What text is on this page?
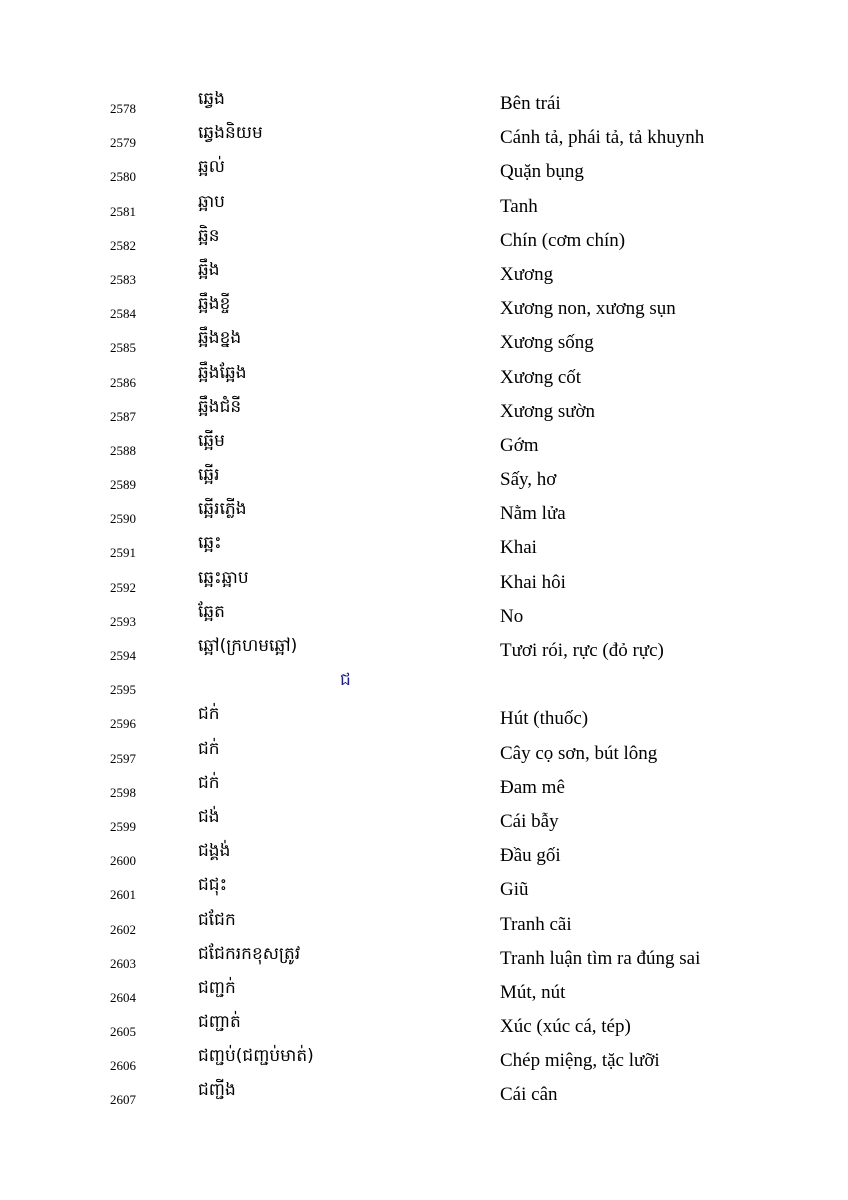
2578	ឆ្វេង	Bên trái
2579	ឆ្វេងនិយម	Cánh tả, phái tả, tả khuynh
2580	ឆ្អល់	Quặn bụng
2581	ឆ្អាប	Tanh
2582	ឆ្អិន	Chín (cơm chín)
2583	ឆ្អឹង	Xương
2584	ឆ្អឹងខ្ចី	Xương non, xương sụn
2585	ឆ្អឹងខ្នង	Xương sống
2586	ឆ្អឹងឆ្អែង	Xương cốt
2587	ឆ្អឹងជំនី	Xương sườn
2588	ឆ្អើម	Gớm
2589	ឆ្អើរ	Sấy, hơ
2590	ឆ្អើរភ្លើង	Nằm lửa
2591	ឆ្អេះ	Khai
2592	ឆ្អេះឆ្អាប	Khai hôi
2593	ឆ្អែត	No
2594	ឆ្អៅ(ក្រហមឆ្អៅ)	Tươi rói, rực (đỏ rực)
2595	ជ
2596	ជក់	Hút (thuốc)
2597	ជក់	Cây cọ sơn, bút lông
2598	ជក់	Đam mê
2599	ជង់	Cái bẫy
2600	ជង្គង់	Đầu gối
2601	ជជុះ	Giũ
2602	ជជែក	Tranh cãi
2603	ជជែករកខុសត្រូវ	Tranh luận tìm ra đúng sai
2604	ជញ្ជក់	Mút, nút
2605	ជញ្ជាត់	Xúc (xúc cá, tép)
2606	ជញ្ជប់(ជញ្ជប់មាត់)	Chép miệng, tặc lưỡi
2607	ជញ្ជីង	Cái cân
